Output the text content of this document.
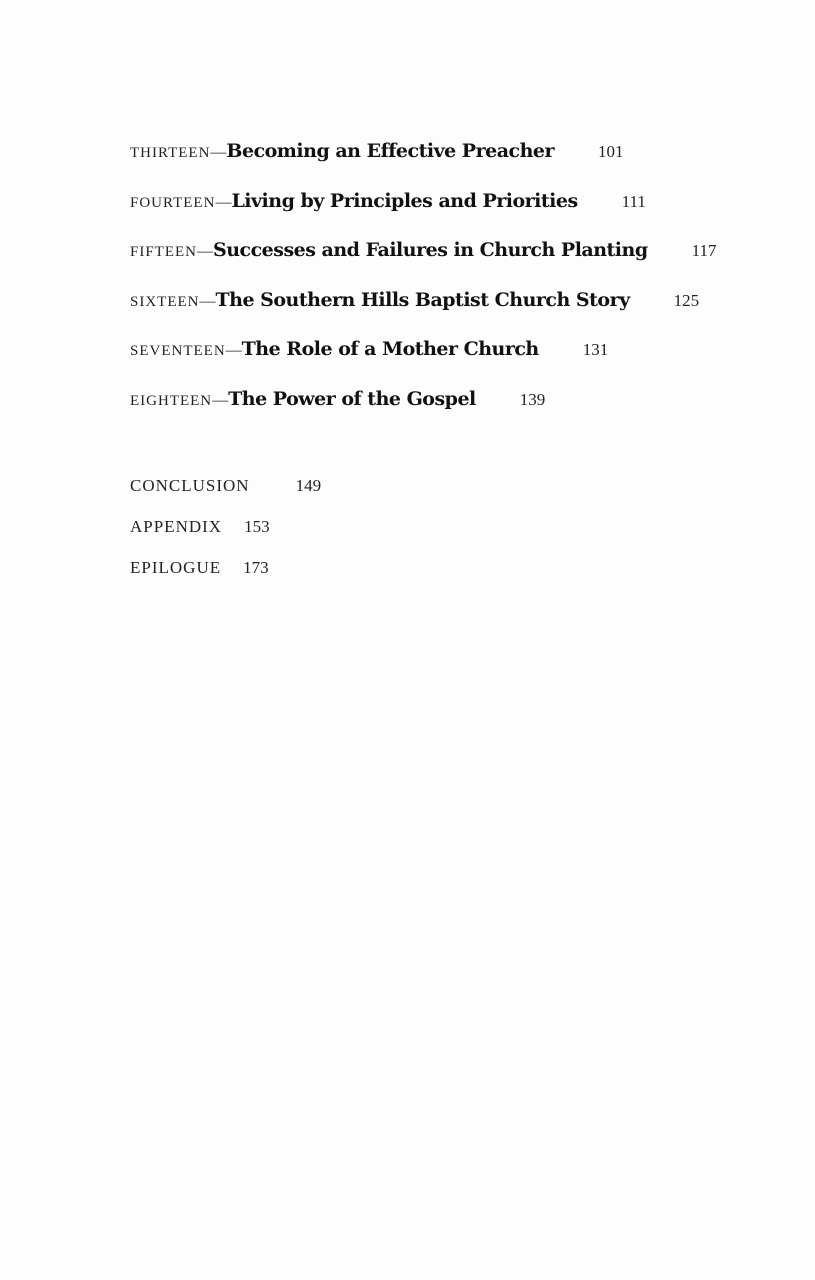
THIRTEEN — Becoming an Effective Preacher	101
FOURTEEN — Living by Principles and Priorities	111
FIFTEEN — Successes and Failures in Church Planting	117
SIXTEEN — The Southern Hills Baptist Church Story	125
SEVENTEEN — The Role of a Mother Church	131
EIGHTEEN — The Power of the Gospel	139
CONCLUSION	149
APPENDIX 153
EPILOGUE 173
